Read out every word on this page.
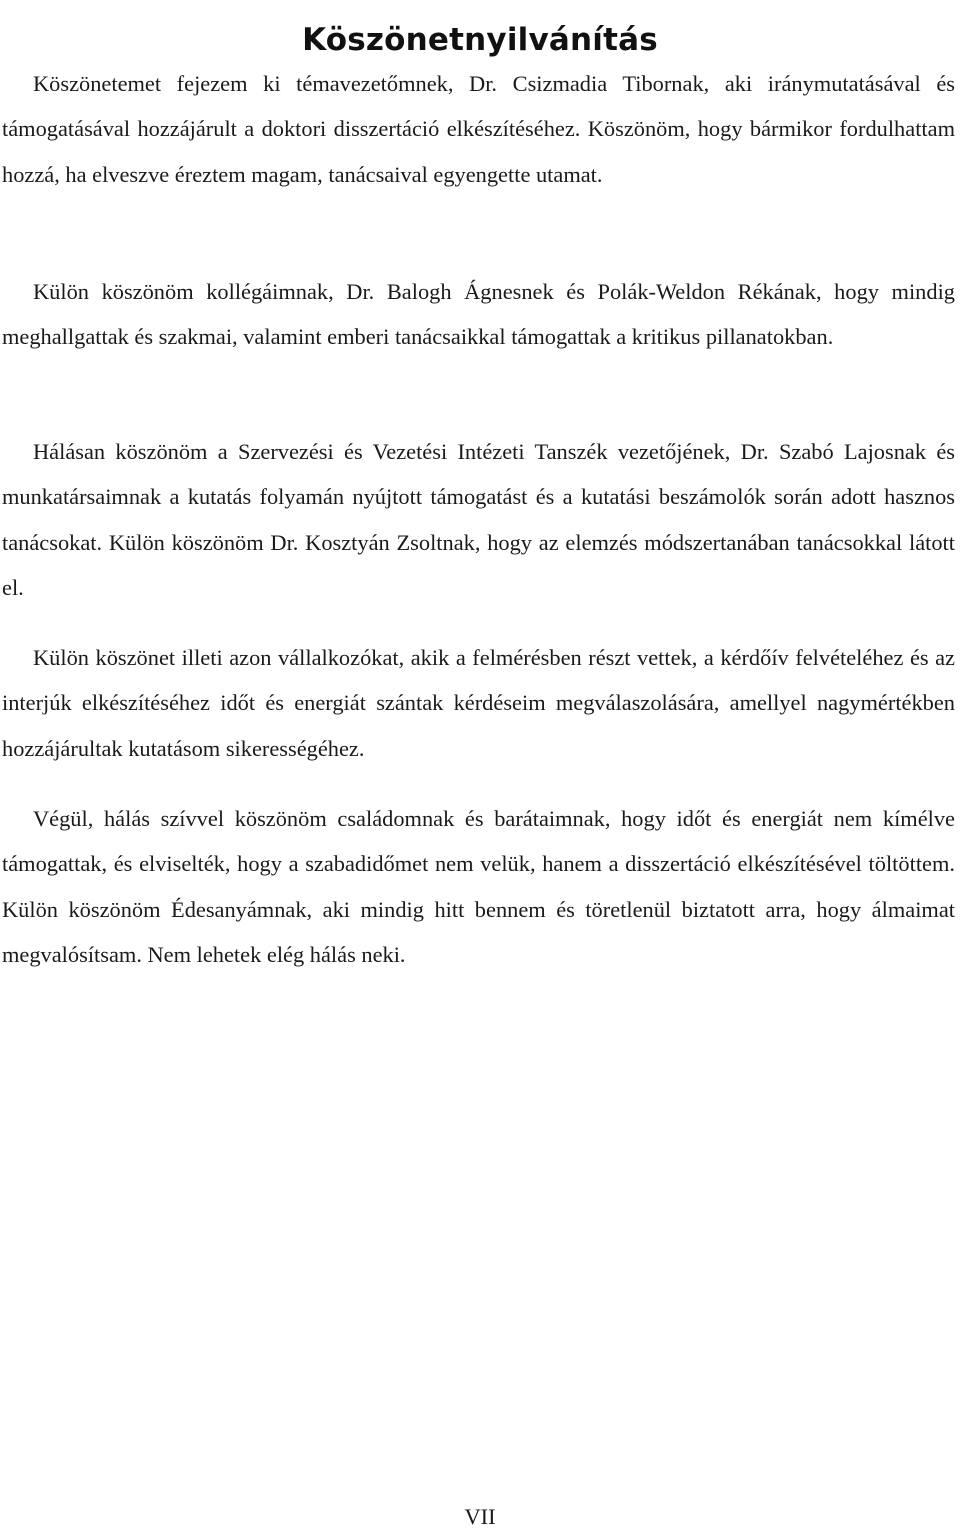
Köszönetnyilvánítás

Köszönetemet fejezem ki témavezetőmnek, Dr. Csizmadia Tibornak, aki iránymutatásával és támogatásával hozzájárult a doktori disszertáció elkészítéséhez. Köszönöm, hogy bármikor fordulhattam hozzá, ha elveszve éreztem magam, tanácsaival egyengette utamat.

Külön köszönöm kollégáimnak, Dr. Balogh Ágnesnek és Polák-Weldon Rékának, hogy mindig meghallgattak és szakmai, valamint emberi tanácsaikkal támogattak a kritikus pillanatokban.

Hálásan köszönöm a Szervezési és Vezetési Intézeti Tanszék vezetőjének, Dr. Szabó Lajosnak és munkatársaimnak a kutatás folyamán nyújtott támogatást és a kutatási beszámolók során adott hasznos tanácsokat. Külön köszönöm Dr. Kosztyán Zsoltnak, hogy az elemzés módszertanában tanácsokkal látott el.

Külön köszönet illeti azon vállalkozókat, akik a felmérésben részt vettek, a kérdőív felvételéhez és az interjúk elkészítéséhez időt és energiát szántak kérdéseim megválaszolására, amellyel nagymértékben hozzájárultak kutatásom sikerességéhez.

Végül, hálás szívvel köszönöm családomnak és barátaimnak, hogy időt és energiát nem kímélve támogattak, és elviselték, hogy a szabadidőmet nem velük, hanem a disszertáció elkészítésével töltöttem. Külön köszönöm Édesanyámnak, aki mindig hitt bennem és töretlenül biztatott arra, hogy álmaimat megvalósítsam. Nem lehetek elég hálás neki.

VII
